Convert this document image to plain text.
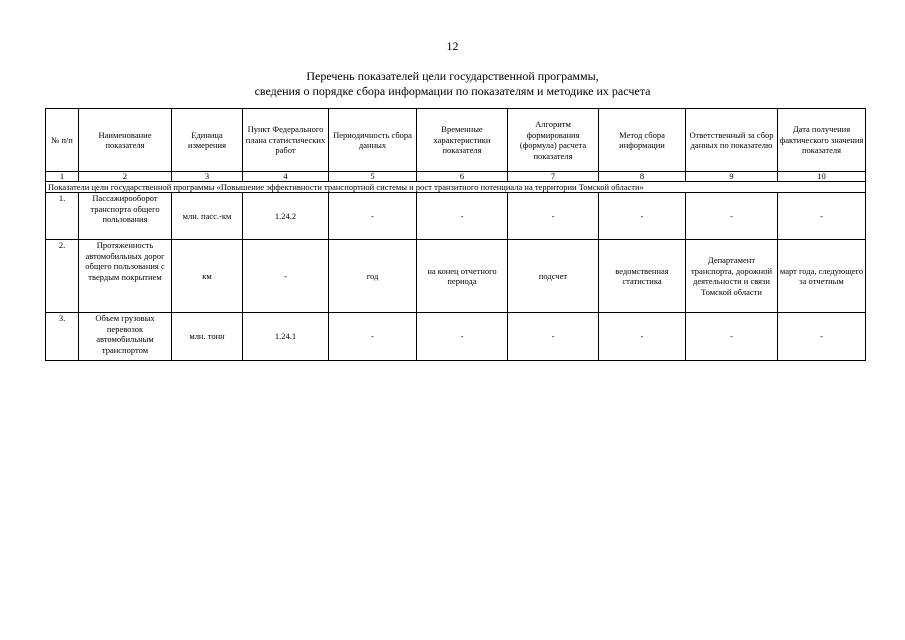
12
Перечень показателей цели государственной программы,
сведения о порядке сбора информации по показателям и методике их расчета
№ п/п	Наименование показателя	Единица измерения	Пункт Федерального плана статистических работ	Периодичность сбора данных	Временные характеристики показателя	Алгоритм формирования (формула) расчета показателя	Метод сбора информации	Ответственный за сбор данных по показателю	Дата получения фактического значения показателя
1	2	3	4	5	6	7	8	9	10
Показатели цели государственной программы «Повышение эффективности транспортной системы и рост транзитного потенциала на территории Томской области»									
1.	Пассажирооборот транспорта общего пользования	млн. пасс.-км	1.24.2	-	-	-	-	-	-
2.	Протяженность автомобильных дорог общего пользования с твердым покрытием	км	-	год	на конец отчетного периода	подсчет	ведомственная статистика	Департамент транспорта, дорожной деятельности и связи Томской области	март года, следующего за отчетным
3.	Объем грузовых перевозок автомобильным транспортом	млн. тонн	1.24.1	-	-	-	-	-	-
